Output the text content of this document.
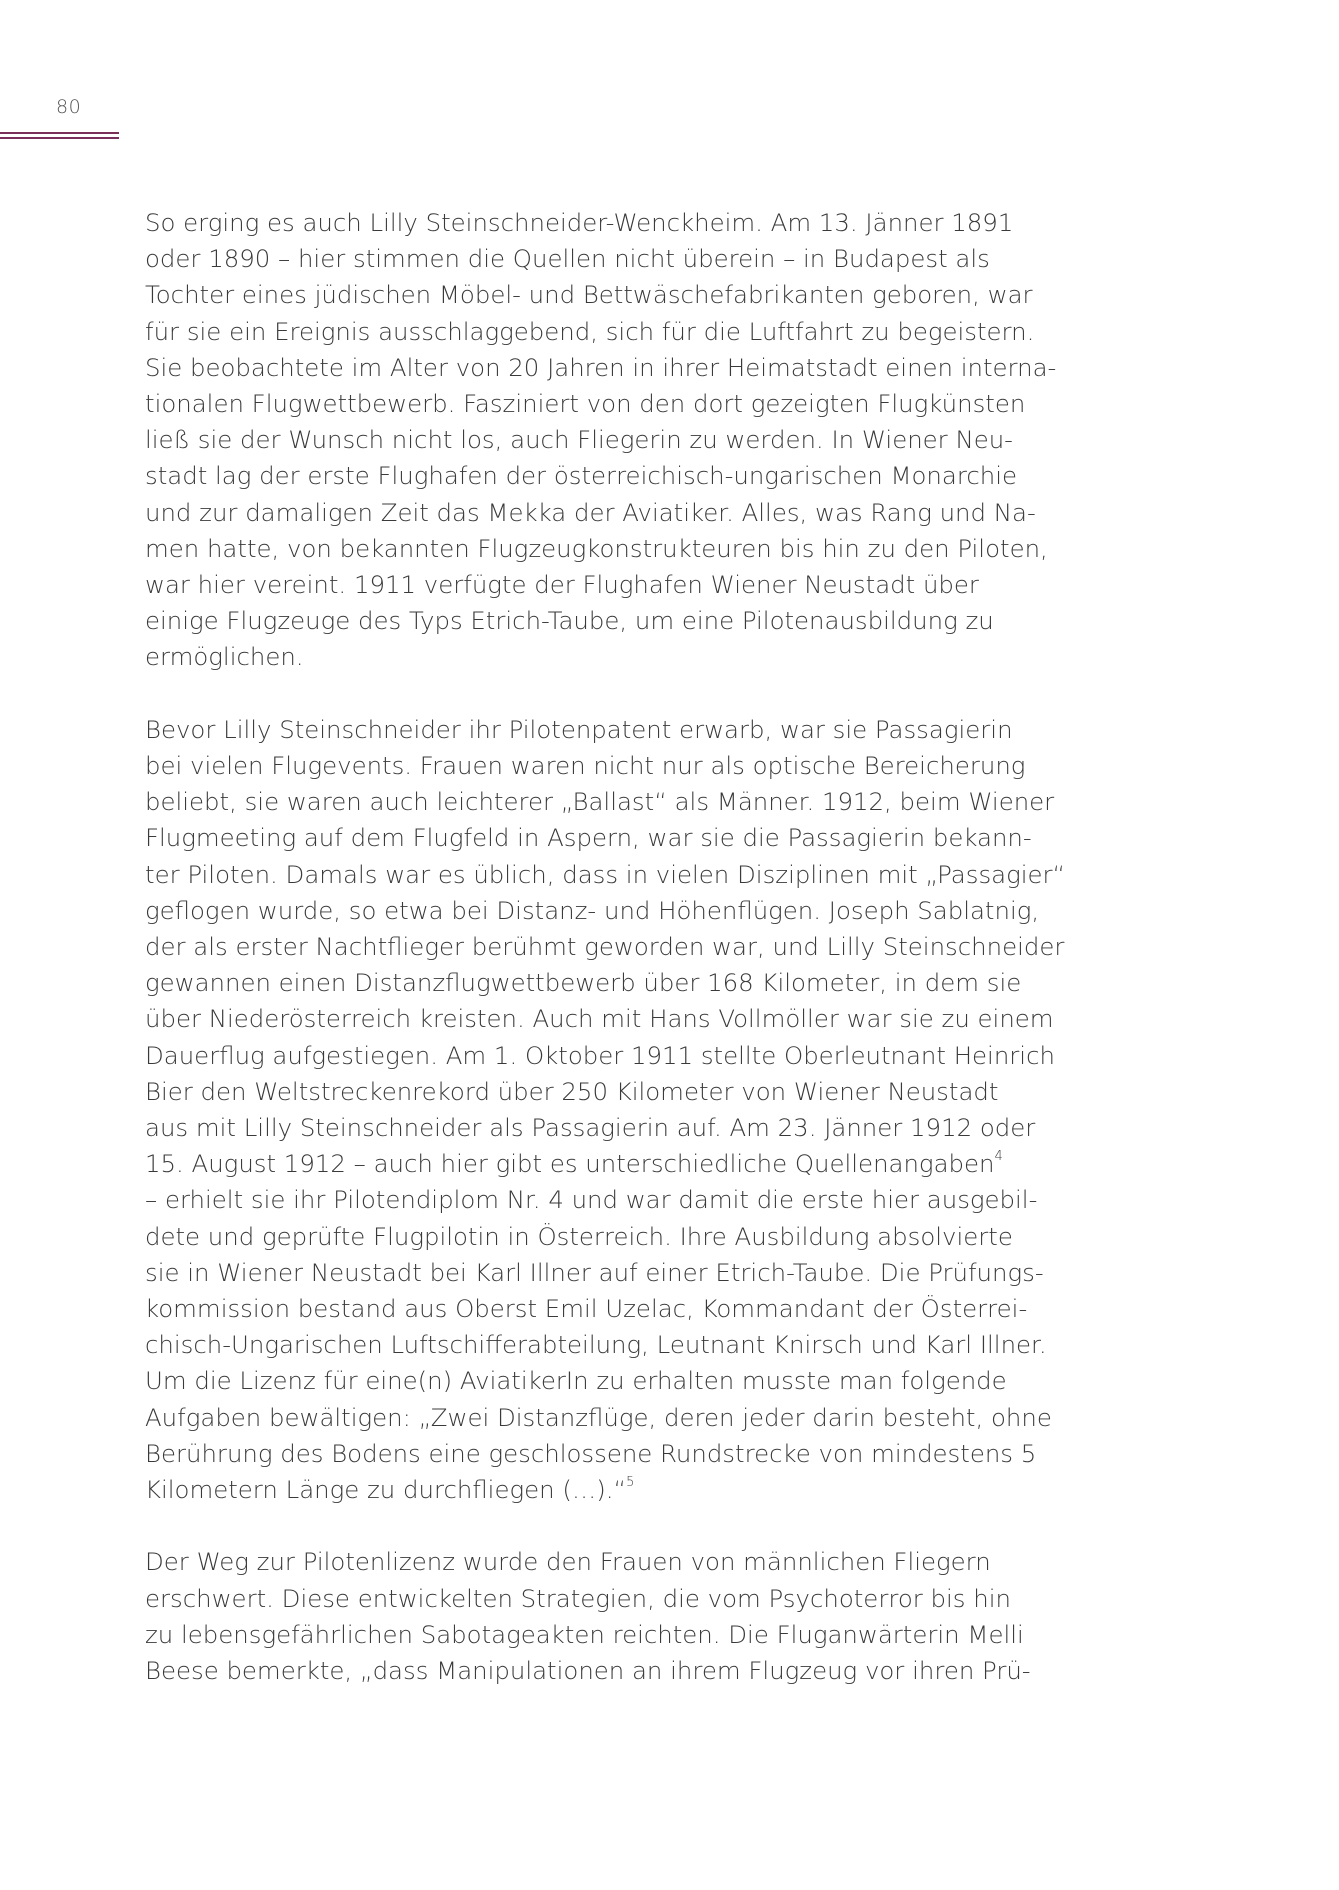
80
So erging es auch Lilly Steinschneider-Wenckheim. Am 13. Jänner 1891
oder 1890 – hier stimmen die Quellen nicht überein – in Budapest als
Tochter eines jüdischen Möbel- und Bettwäschefabrikanten geboren, war
für sie ein Ereignis ausschlaggebend, sich für die Luftfahrt zu begeistern.
Sie beobachtete im Alter von 20 Jahren in ihrer Heimatstadt einen interna-
tionalen Flugwettbewerb. Fasziniert von den dort gezeigten Flugkünsten
ließ sie der Wunsch nicht los, auch Fliegerin zu werden. In Wiener Neu-
stadt lag der erste Flughafen der österreichisch-ungarischen Monarchie
und zur damaligen Zeit das Mekka der Aviatiker. Alles, was Rang und Na-
men hatte, von bekannten Flugzeugkonstrukteuren bis hin zu den Piloten,
war hier vereint. 1911 verfügte der Flughafen Wiener Neustadt über
einige Flugzeuge des Typs Etrich-Taube, um eine Pilotenausbildung zu
ermöglichen.
Bevor Lilly Steinschneider ihr Pilotenpatent erwarb, war sie Passagierin
bei vielen Flugevents. Frauen waren nicht nur als optische Bereicherung
beliebt, sie waren auch leichterer „Ballast“ als Männer. 1912, beim Wiener
Flugmeeting auf dem Flugfeld in Aspern, war sie die Passagierin bekann-
ter Piloten. Damals war es üblich, dass in vielen Disziplinen mit „Passagier“
geflogen wurde, so etwa bei Distanz- und Höhenflügen. Joseph Sablatnig,
der als erster Nachtflieger berühmt geworden war, und Lilly Steinschneider
gewannen einen Distanzflugwettbewerb über 168 Kilometer, in dem sie
über Niederösterreich kreisten. Auch mit Hans Vollmöller war sie zu einem
Dauerflug aufgestiegen. Am 1. Oktober 1911 stellte Oberleutnant Heinrich
Bier den Weltstreckenrekord über 250 Kilometer von Wiener Neustadt
aus mit Lilly Steinschneider als Passagierin auf. Am 23. Jänner 1912 oder
15. August 1912 – auch hier gibt es unterschiedliche Quellenangaben$^4$
– erhielt sie ihr Pilotendiplom Nr. 4 und war damit die erste hier ausgebil-
dete und geprüfte Flugpilotin in Österreich. Ihre Ausbildung absolvierte
sie in Wiener Neustadt bei Karl Illner auf einer Etrich-Taube. Die Prüfungs-
kommission bestand aus Oberst Emil Uzelac, Kommandant der Österrei-
chisch-Ungarischen Luftschifferabteilung, Leutnant Knirsch und Karl Illner.
Um die Lizenz für eine(n) AviatikerIn zu erhalten musste man folgende
Aufgaben bewältigen: „Zwei Distanzflüge, deren jeder darin besteht, ohne
Berührung des Bodens eine geschlossene Rundstrecke von mindestens 5
Kilometern Länge zu durchfliegen (…).“$^5$
Der Weg zur Pilotenlizenz wurde den Frauen von männlichen Fliegern
erschwert. Diese entwickelten Strategien, die vom Psychoterror bis hin
zu lebensgefährlichen Sabotageakten reichten. Die Fluganwärterin Melli
Beese bemerkte, „dass Manipulationen an ihrem Flugzeug vor ihren Prü-
